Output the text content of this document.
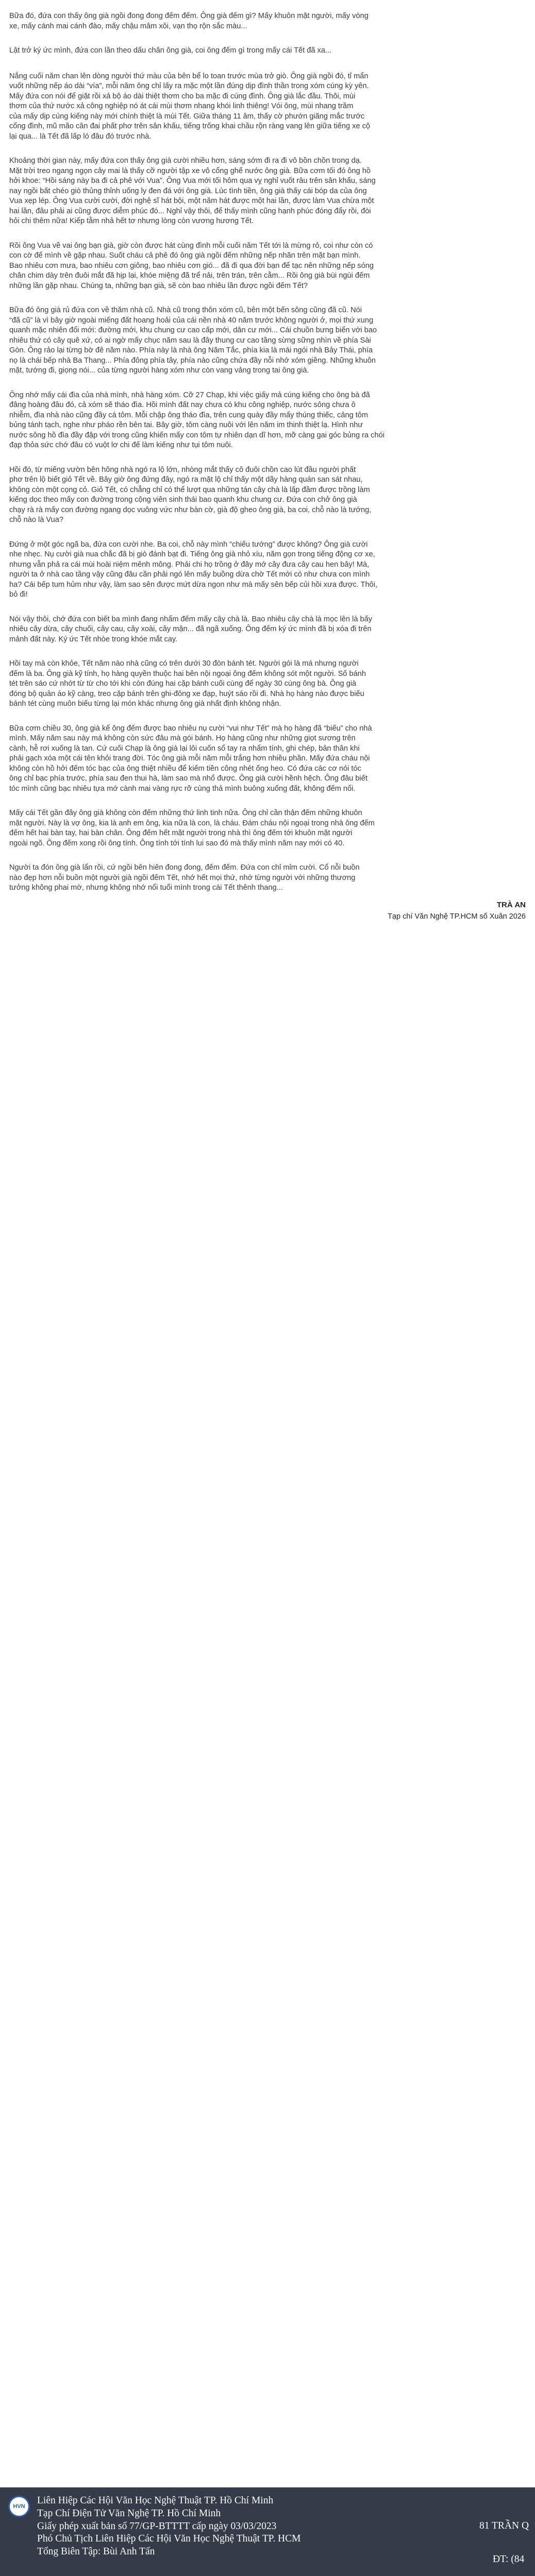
Bữa đó, đứa con thấy ông già ngồi đong đong đếm đếm. Ông già đếm gì? Mấy khuôn mặt người, mấy vòng
xe, mấy cánh mai cánh đào, mấy chậu mâm xôi, vạn thọ rộn sắc màu...

Lật trở ký ức mình, đứa con lần theo dấu chân ông già, coi ông đếm gì trong mấy cái Tết đã xa...

Nắng cuối năm chan lên dòng người thứ màu của bên bể lo toan trước mùa trở giò. Ông già ngồi đó, tỉ mẩn
vuốt những nếp áo dài “vía”, mỗi năm ông chỉ lấy ra mặc một lần đúng dịp đình thần trong xóm cúng kỳ yên.
Mấy đứa con nói để giặt rồi xả bộ áo dài thiệt thơm cho ba mặc đi cúng đình. Ông già lắc đầu. Thôi, mùi
thơm của thứ nước xả công nghiệp nó át cái mùi thơm nhang khói linh thiêng! Vói ông, mùi nhang trầm
của mấy dịp cúng kiếng này mới chính thiệt là mùi Tết. Giữa tháng 11 âm, thấy cờ phướn giăng mắc trước
cổng đình, mũ mão cân đai phất phơ trên sân khấu, tiếng trống khai chầu rộn ràng vang lên giữa tiếng xe cộ
lại qua... là Tết đã lấp ló đâu đó trước nhà.

Khoảng thời gian này, mấy đứa con thấy ông già cười nhiều hơn, sáng sớm đi ra đi vô bồn chồn trong dạ.
Mặt trời treo ngang ngọn cây mai là thấy cỡ người tập xe vô cổng ghế nước ông già. Bữa cơm tối đó ông hồ
hởi khoe: “Hồi sáng này ba đi cả phê với Vua”. Ông Vua mới tối hôm qua vỵ nghỉ vuốt râu trên sân khấu, sáng
nay ngồi bất chéo giò thủng thỉnh uống ly đen đá với ông già. Lúc tình tiền, ông già thấy cái bóp da của ông
Vua xẹp lép. Ông Vua cười cười, đời nghệ sĩ hát bội, một năm hát được một hai lần, được làm Vua chừa một
hai lần, đâu phải ai cũng được diễm phúc đó... Nghỉ vậy thôi, để thấy mình cũng hạnh phúc đóng đẩy rồi, đòi
hỏi chi thêm nữa! Kiếp tằm nhả hết tơ nhưng lòng còn vương hương Tết.

Rồi ông Vua về vai ông bạn già, giờ còn được hát cùng đình mỗi cuối năm Tết tới là mừng rỏ, coi như còn có
con cờ để mình về gặp nhau. Suốt cháu cả phê đó ông già ngồi đếm những nếp nhăn trên mặt bạn mình.
Bao nhiêu cơn mưa, bao nhiêu cơn giông, bao nhiêu cơn gió... đã đi qua đời bạn để tạc nên những nếp sóng
chân chim dày trên đuôi mắt đã hịp lại, khóe miệng đã trể nải, trên trán, trên cằm... Rồi ông già bùi ngùi đếm
những lần gặp nhau. Chúng ta, những bạn già, sẽ còn bao nhiêu lần được ngồi đếm Tết?

Bữa đó ông già rủ đứa con về thăm nhà cũ. Nhà cũ trong thôn xóm cũ, bên một bến sông cũng đã cũ. Nói
“đã cũ” là vì bây giờ ngoài miếng đất hoang hoải của cái nền nhà 40 năm trước không người ở, mọi thứ xung
quanh mặc nhiên đổi mới: đường mới, khu chung cư cao cấp mới, dân cư mới... Cái chuồn bưng biển với bao
nhiêu thứ có cây quê xứ, có ai ngờ mấy chục năm sau là đây thung cư cao tầng sừng sững nhìn về phía Sài
Gòn. Ông rảo lại từng bờ đê năm nào. Phía này là nhà ông Năm Tắc, phía kia là mái ngói nhà Bảy Thái, phía
nọ là chái bếp nhà Ba Thang... Phía đông phía tây, phía nào cũng chứa đầy nỗi nhớ xóm giềng. Những khuôn
mặt, tướng đi, giọng nói... của từng người hàng xóm như còn vang vảng trong tai ông già.

Ông nhớ mấy cái đìa của nhà mình, nhà hàng xóm. Cỡ 27 Chạp, khi việc giấy mả cúng kiếng cho ông bà đã
đâng hoàng đâu đó, cả xóm sẽ tháo đìa. Hồi mình đất nay chưa có khu công nghiệp, nước sông chưa ô
nhiễm, đìa nhà nào cũng đầy cá tôm. Mỗi chập ông tháo đìa, trên cung quày đầy mấy thúng thiếc, cảng tôm
bủng tánh tạch, nghe như pháo rền bên tai. Bây giờ, tôm càng nuôi với lên năm im thinh thiệt lạ. Hình như
nước sông hồ đìa đầy đập với trong cũng khiến mấy con tôm tự nhiên dạn dĩ hơn, mỡ càng gai góc bủng ra chói
đạp thỏa sức chớ đâu có vuột lơ chi để làm kiếng như tụi tôm nuôi.

Hồi đó, từ miếng vườn bên hông nhà ngó ra lộ lớn, nhòng mắt thấy cô đuôi chồn cao lút đầu người phất
phơ trên lộ biết giỏ Tết về. Bây giờ ông đứng đây, ngó ra mặt lộ chỉ thấy một dãy hàng quán san sát nhau,
không còn một cọng cỏ. Giỏ Tết, có chẳng chỉ có thể lượt qua những tán cây chà là lấp đầm được trồng làm
kiếng dọc theo mấy con đường trong cộng viên sinh thái bao quanh khu chung cư. Đứa con chở ông già
chạy rà rà mấy con đường ngang dọc vuông vức như bàn cờ, già độ gheo ông già, ba coi, chỗ nào là tướng,
chỗ nào là Vua?

Đứng ở một góc ngã ba, đứa con cười nhe. Ba coi, chỗ này mình “chiếu tướng” được không? Ông già cười
nhe nhẹc. Nụ cười già nua chắc đã bị giò đánh bạt đi. Tiếng ông già nhỏ xíu, năm gọn trong tiếng động cơ xe,
nhưng vẫn phả ra cái mùi hoài niệm mênh mông. Phải chi họ trồng ở đây mớ cây đưa cây cau hen bây! Mà,
người ta ở nhà cao tầng vậy cũng đâu cần phải ngó lên mấy buồng dừa chờ Tết mới có như chưa con mình
ha? Cái bếp tum hủm như vậy, làm sao sên được mứt dừa ngon như mà mấy sên bếp củi hồi xưa được. Thôi,
bỏ đi!

Nói vậy thôi, chớ đứa con biết ba mình đang nhẩm đếm mấy cây chà là. Bao nhiêu cây chà là mọc lên là bấy
nhiêu cây dừa, cây chuối, cây cau, cây xoài, cây mận... đã ngã xuống. Ông đếm ký ức mình đã bị xóa đi trên
mảnh đất này. Ký ức Tết nhòe trong khóe mắt cay.

Hồi tay mà còn khỏe, Tết năm nào nhà cũng có trên dưới 30 đòn bánh tét. Người gói là má nhưng người
đếm là ba. Ông già kỹ tính, họ hàng quyền thuộc hai bên nội ngoại ông đếm không sót một người. Số bánh
tét trên sáo cứ nhớt từ từ cho tới khi còn đúng hai cặp bánh cuối cùng để ngày 30 cúng ông bà. Ông già
đóng bộ quản áo kỹ càng, treo cặp bánh trên ghi-đông xe đạp, huýt sáo rồi đi. Nhà họ hàng nào được biếu
bánh tét cùng muôn biếu từng lại món khác nhưng ông già nhất định không nhận.

Bữa cơm chiều 30, ông già kể ông đếm được bao nhiêu nụ cười “vui như Tết” mà họ hàng đã “biếu” cho nhà
mình. Mấy năm sau này má không còn sức đâu mà gói bánh. Họ hàng cũng như những giọt sương trên
cành, hễ rơi xuống là tan. Cứ cuối Chạp là ông già lại lôi cuốn sổ tay ra nhẩm tính, ghi chép, bản thân khi
phải gạch xóa một cái tên khỏi trang đời. Tóc ông già mỗi năm mỗi trắng hơn nhiều phần. Mấy đứa cháu nội
không còn hồ hởi đếm tóc bạc của ông thiệt nhiều để kiếm tiền công nhét ống heo. Có đứa các cơ nói tóc
ông chỉ bạc phía trước, phía sau đen thui hà, làm sao mà nhổ được. Ông già cười hềnh hệch. Ông đâu biết
tóc mình cũng bạc nhiêu tựa mớ cành mai vàng rực rỡ cùng thả mình buông xuống đất, không đếm nổi.

Mấy cái Tết gần đây ông già không còn đếm những thứ linh tinh nữa. Ông chỉ cần thận đếm những khuôn
mặt người. Này là vợ ông, kia là anh em ông, kia nữa là con, là cháu. Đám cháu nội ngoại trong nhà ông đếm
đếm hết hai bàn tay, hai bàn chân. Ông đếm hết mặt người trong nhà thì ông đếm tới khuôn mặt người
ngoài ngõ. Ông đếm xong rồi ông tính. Ông tính tới tính lui sao đó mà thấy mình năm nay mới có 40.

Người ta đón ông già lẩn rồi, cứ ngồi bên hiên đong đong, đếm đếm. Đứa con chỉ mỉm cười. Cổ nỗi buồn
nào đẹp hơn nỗi buồn một người già ngồi đếm Tết, nhớ hết mọi thứ, nhớ từng người với những thương
tưởng không phai mờ, nhưng không nhớ nổi tuổi mình trong cái Tết thênh thang...

TRÀ AN
Tạp chí Văn Nghệ TP.HCM số Xuân 2026
HVN
Liên Hiệp Các Hội Văn Học Nghệ Thuật TP. Hồ Chí Minh
Tạp Chí Điện Tử Văn Nghệ TP. Hồ Chí Minh
Giấy phép xuất bản số 77/GP-BTTTT cấp ngày 03/03/2023
Phó Chủ Tịch Liên Hiệp Các Hội Văn Học Nghệ Thuật TP. HCM
Tổng Biên Tập: Bùi Anh Tấn
81 TRẦN Q
ĐT: (84
